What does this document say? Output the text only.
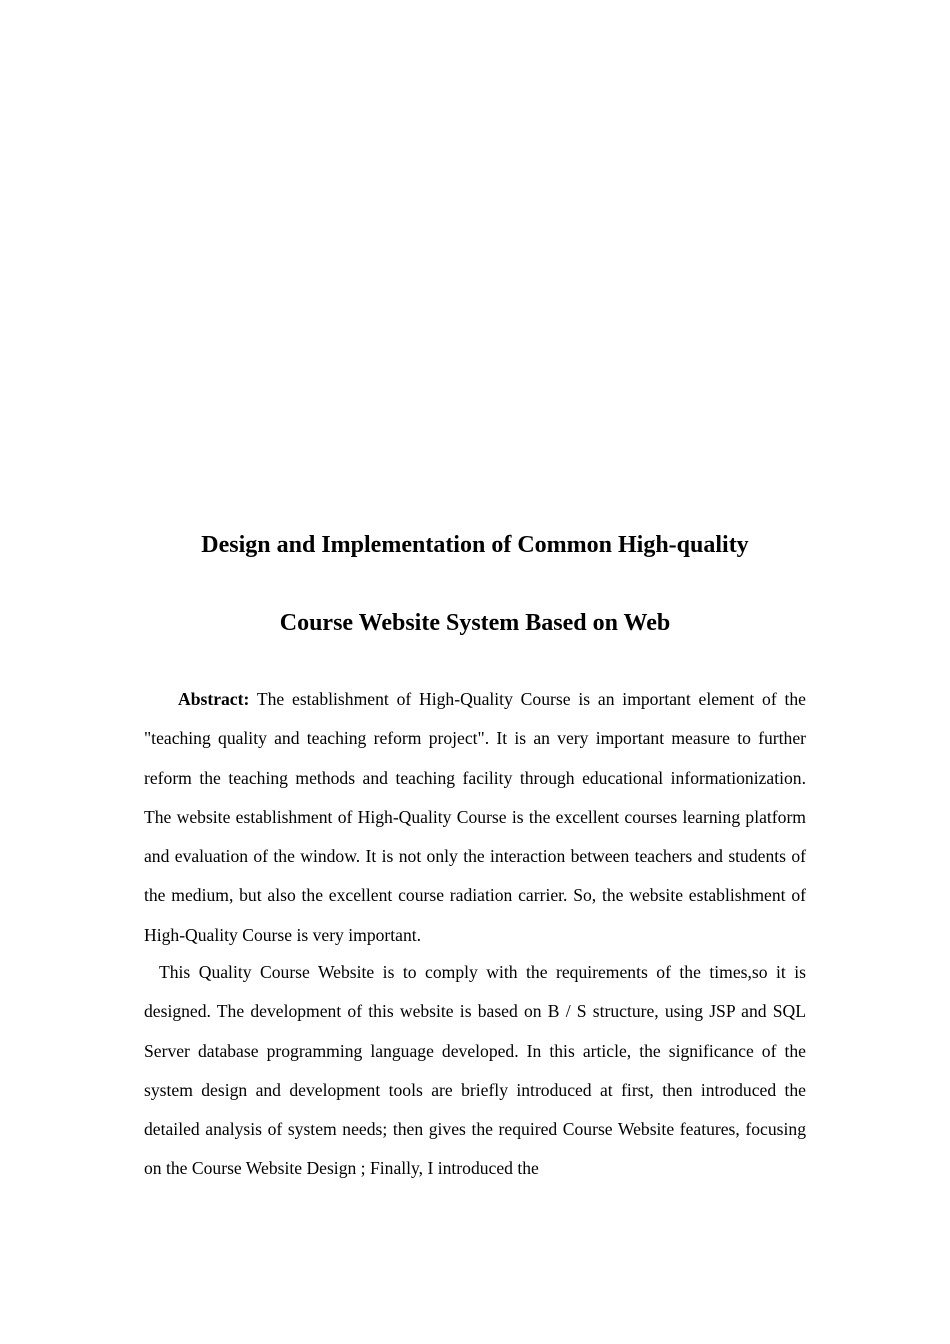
Design and Implementation of Common High-quality
Course Website System Based on Web

Abstract: The establishment of High-Quality Course is an important element of the "teaching quality and teaching reform project". It is an very important measure to further reform the teaching methods and teaching facility through educational informationization. The website establishment of High-Quality Course is the excellent courses learning platform and evaluation of the window. It is not only the interaction between teachers and students of the medium, but also the excellent course radiation carrier. So, the website establishment of High-Quality Course is very important.

This Quality Course Website is to comply with the requirements of the times,so it is designed. The development of this website is based on B / S structure, using JSP and SQL Server database programming language developed. In this article, the significance of the system design and development tools are briefly introduced at first, then introduced the detailed analysis of system needs; then gives the required Course Website features, focusing on the Course Website Design ; Finally, I introduced the
